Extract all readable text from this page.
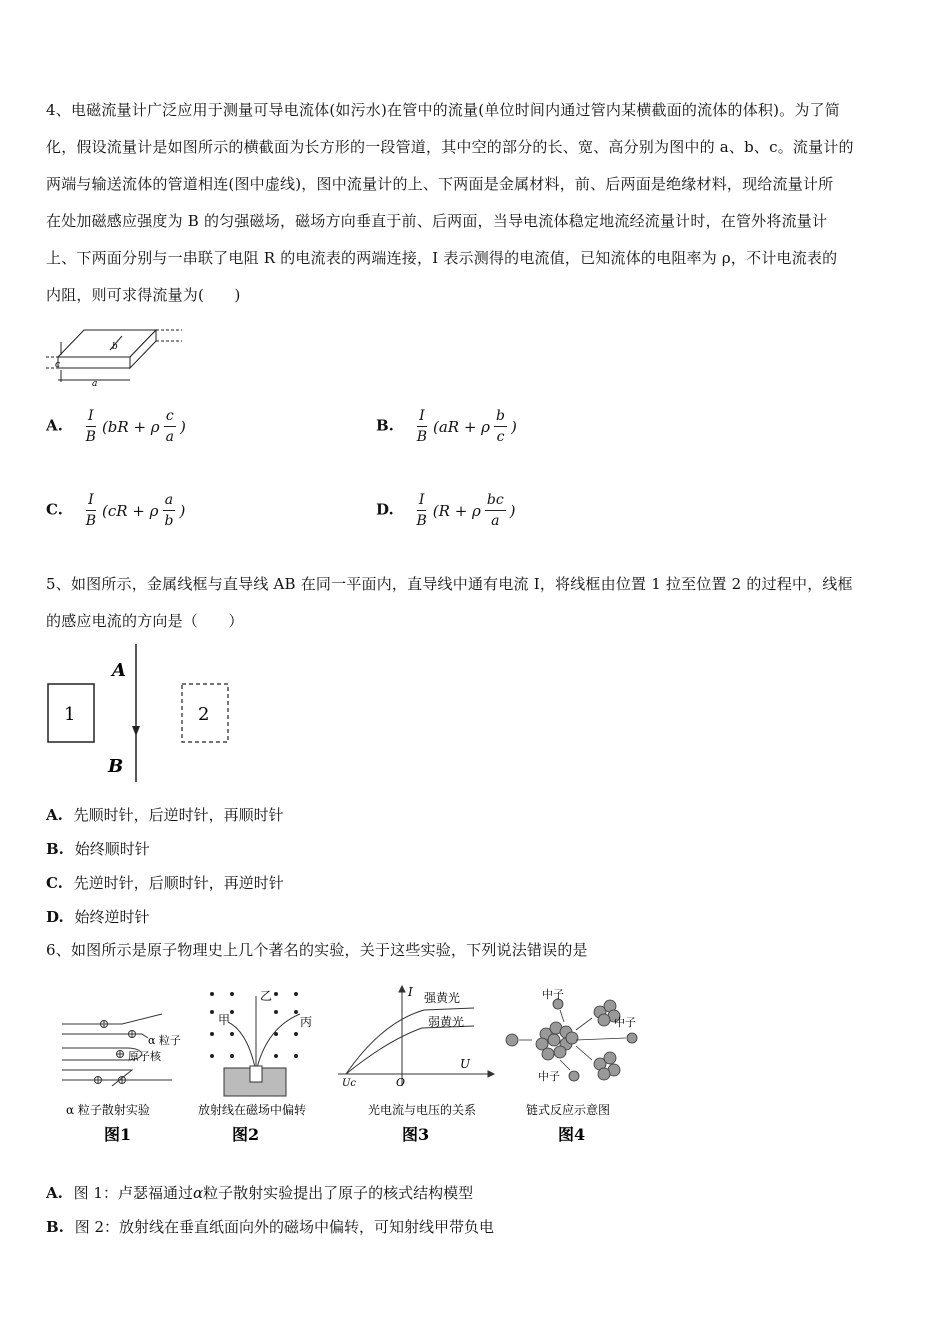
4、电磁流量计广泛应用于测量可导电流体(如污水)在管中的流量(单位时间内通过管内某横截面的流体的体积)。为了简
化，假设流量计是如图所示的横截面为长方形的一段管道，其中空的部分的长、宽、高分别为图中的 a、b、c。流量计的
两端与输送流体的管道相连(图中虚线)，图中流量计的上、下两面是金属材料，前、后两面是绝缘材料，现给流量计所
在处加磁感应强度为 B 的匀强磁场，磁场方向垂直于前、后两面，当导电流体稳定地流经流量计时，在管外将流量计
上、下两面分别与一串联了电阻 R 的电流表的两端连接，I 表示测得的电流值，已知流体的电阻率为 ρ，不计电流表的
内阻，则可求得流量为(　　)
c
a
b
A. $\frac{I}{B} (bR + \rho \frac{c}{a}$ )	B. $\frac{I}{B} (aR + \rho \frac{b}{c}$ )
C. $\frac{I}{B} (cR + \rho \frac{a}{b}$ )	D. $\frac{I}{B} (R + \rho \frac{bc}{a}$ )
5、如图所示，金属线框与直导线 AB 在同一平面内，直导线中通有电流 I，将线框由位置 1 拉至位置 2 的过程中，线框
的感应电流的方向是（　　）
1
A
B
2
A. 先顺时针，后逆时针，再顺时针
B. 始终顺时针
C. 先逆时针，后顺时针，再逆时针
D. 始终逆时针
6、如图所示是原子物理史上几个著名的实验，关于这些实验，下列说法错误的是
α 粒子
原子核
α 粒子散射实验
图1
甲
乙
丙
放射线在磁场中偏转
图2
I
U
O
Uc
强黄光
弱黄光
光电流与电压的关系
图3
中子
中子
中子
链式反应示意图
图4
A. 图 1：卢瑟福通过α粒子散射实验提出了原子的核式结构模型
B. 图 2：放射线在垂直纸面向外的磁场中偏转，可知射线甲带负电
